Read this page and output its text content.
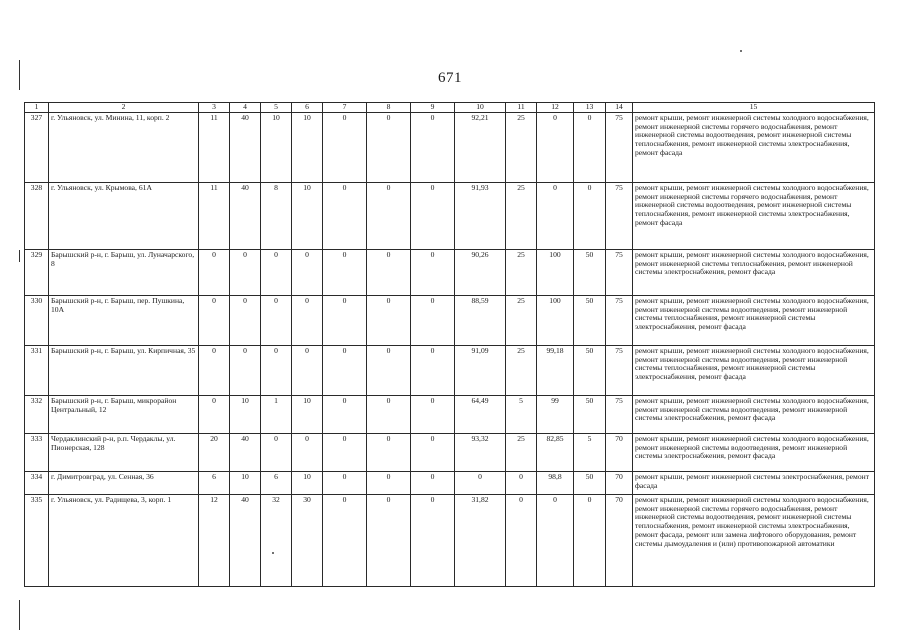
671
1	2	3	4	5	6	7	8	9	10	11	12	13	14	15
327	г. Ульяновск, ул. Минина, 11, корп. 2	11	40	10	10	0	0	0	92,21	25	0	0	75	ремонт крыши, ремонт инженерной системы холодного водоснабжения, ремонт инженерной системы горячего водоснабжения, ремонт инженерной системы водоотведения, ремонт инженерной системы теплоснабжения, ремонт инженерной системы электроснабжения, ремонт фасада
328	г. Ульяновск, ул. Крымова, 61А	11	40	8	10	0	0	0	91,93	25	0	0	75	ремонт крыши, ремонт инженерной системы холодного водоснабжения, ремонт инженерной системы горячего водоснабжения, ремонт инженерной системы водоотведения, ремонт инженерной системы теплоснабжения, ремонт инженерной системы электроснабжения, ремонт фасада
329	Барышский р-н, г. Барыш, ул. Луначарского, 8	0	0	0	0	0	0	0	90,26	25	100	50	75	ремонт крыши, ремонт инженерной системы холодного водоснабжения, ремонт инженерной системы теплоснабжения, ремонт инженерной системы электроснабжения, ремонт фасада
330	Барышский р-н, г. Барыш, пер. Пушкина, 10А	0	0	0	0	0	0	0	88,59	25	100	50	75	ремонт крыши, ремонт инженерной системы холодного водоснабжения, ремонт инженерной системы водоотведения, ремонт инженерной системы теплоснабжения, ремонт инженерной системы электроснабжения, ремонт фасада
331	Барышский р-н, г. Барыш, ул. Кирпичная, 35	0	0	0	0	0	0	0	91,09	25	99,18	50	75	ремонт крыши, ремонт инженерной системы холодного водоснабжения, ремонт инженерной системы водоотведения, ремонт инженерной системы теплоснабжения, ремонт инженерной системы электроснабжения, ремонт фасада
332	Барышский р-н, г. Барыш, микрорайон Центральный, 12	0	10	1	10	0	0	0	64,49	5	99	50	75	ремонт крыши, ремонт инженерной системы холодного водоснабжения, ремонт инженерной системы водоотведения, ремонт инженерной системы электроснабжения, ремонт фасада
333	Чердаклинский р-н, р.п. Чердаклы, ул. Пионерская, 128	20	40	0	0	0	0	0	93,32	25	82,85	5	70	ремонт крыши, ремонт инженерной системы холодного водоснабжения, ремонт инженерной системы водоотведения, ремонт инженерной системы электроснабжения, ремонт фасада
334	г. Димитровград, ул. Сенная, 36	6	10	6	10	0	0	0	0	0	98,8	50	70	ремонт крыши, ремонт инженерной системы электроснабжения, ремонт фасада
335	г. Ульяновск, ул. Радищева, 3, корп. 1	12	40	32	30	0	0	0	31,82	0	0	0	70	ремонт крыши, ремонт инженерной системы холодного водоснабжения, ремонт инженерной системы горячего водоснабжения, ремонт инженерной системы водоотведения, ремонт инженерной системы теплоснабжения, ремонт инженерной системы электроснабжения, ремонт фасада, ремонт или замена лифтового оборудования, ремонт системы дымоудаления и (или) противопожарной автоматики
